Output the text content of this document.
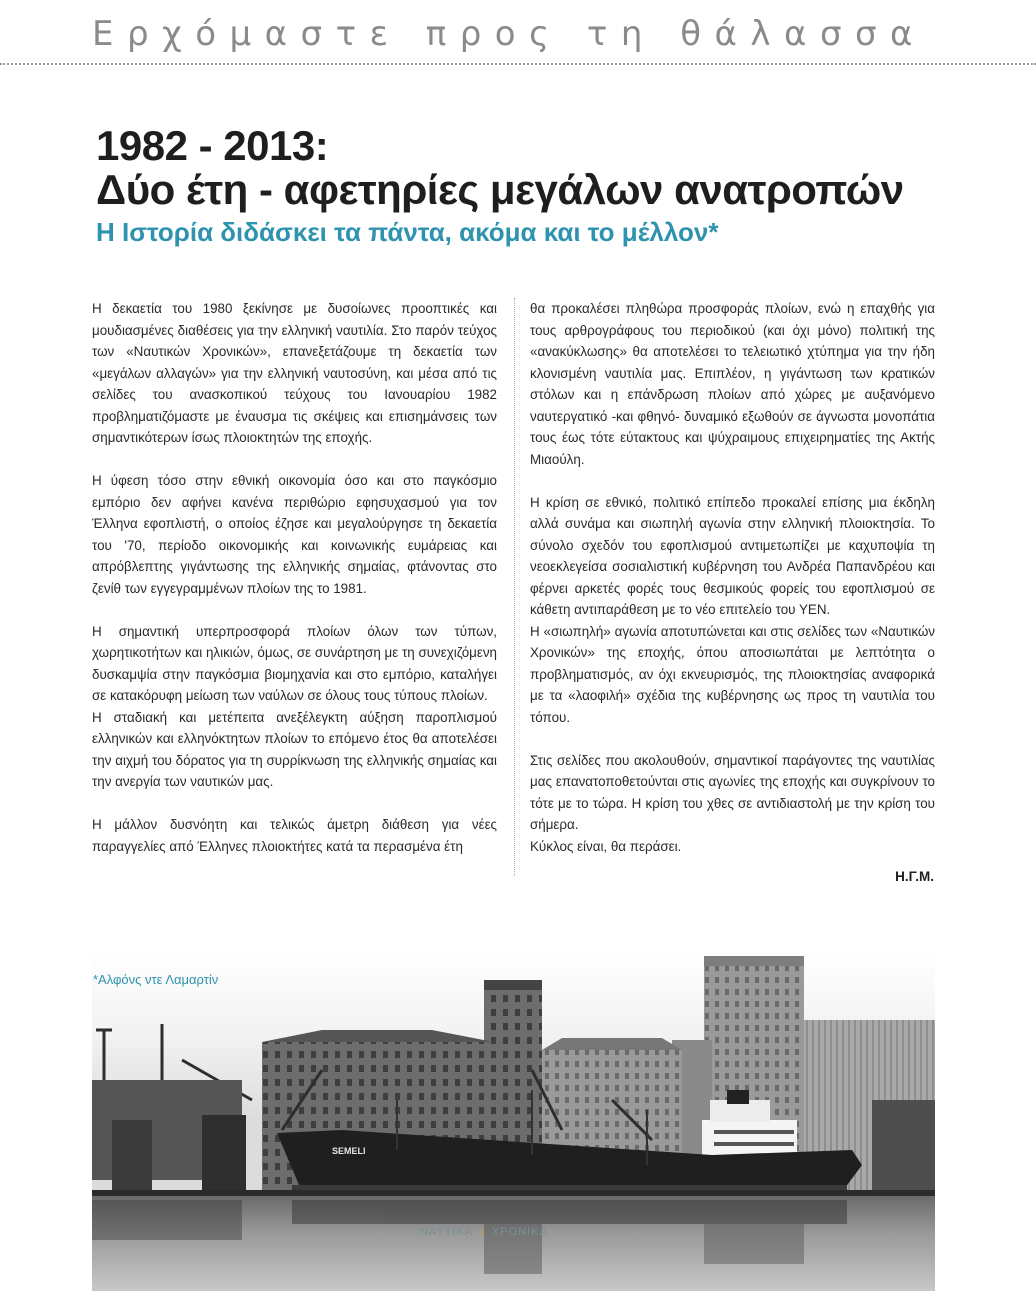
Ερχόμαστε προς τη θάλασσα
1982 - 2013:
Δύο έτη - αφετηρίες μεγάλων ανατροπών
Η Ιστορία διδάσκει τα πάντα, ακόμα και το μέλλον*

Η δεκαετία του 1980 ξεκίνησε με δυσοίωνες προοπτικές και μουδιασμένες διαθέσεις για την ελληνική ναυτιλία. Στο παρόν τεύχος των «Ναυτικών Χρονικών», επανεξετάζουμε τη δεκαετία των «μεγάλων αλλαγών» για την ελληνική ναυτοσύνη, και μέσα από τις σελίδες του ανασκοπικού τεύχους του Ιανουαρίου 1982 προβληματιζόμαστε με έναυσμα τις σκέψεις και επισημάνσεις των σημαντικότερων ίσως πλοιοκτητών της εποχής.

Η ύφεση τόσο στην εθνική οικονομία όσο και στο παγκόσμιο εμπόριο δεν αφήνει κανένα περιθώριο εφησυχασμού για τον Έλληνα εφοπλιστή, ο οποίος έζησε και μεγαλούργησε τη δεκαετία του '70, περίοδο οικονομικής και κοινωνικής ευμάρειας και απρόβλεπτης γιγάντωσης της ελληνικής σημαίας, φτάνοντας στο ζενίθ των εγγεγραμμένων πλοίων της το 1981.

Η σημαντική υπερπροσφορά πλοίων όλων των τύπων, χωρητικοτήτων και ηλικιών, όμως, σε συνάρτηση με τη συνεχιζόμενη δυσκαμψία στην παγκόσμια βιομηχανία και στο εμπόριο, καταλήγει σε κατακόρυφη μείωση των ναύλων σε όλους τους τύπους πλοίων.

Η σταδιακή και μετέπειτα ανεξέλεγκτη αύξηση παροπλισμού ελληνικών και ελληνόκτητων πλοίων το επόμενο έτος θα αποτελέσει την αιχμή του δόρατος για τη συρρίκνωση της ελληνικής σημαίας και την ανεργία των ναυτικών μας.

Η μάλλον δυσνόητη και τελικώς άμετρη διάθεση για νέες παραγγελίες από Έλληνες πλοιοκτήτες κατά τα περασμένα έτη

θα προκαλέσει πληθώρα προσφοράς πλοίων, ενώ η επαχθής για τους αρθρογράφους του περιοδικού (και όχι μόνο) πολιτική της «ανακύκλωσης» θα αποτελέσει το τελειωτικό χτύπημα για την ήδη κλονισμένη ναυτιλία μας. Επιπλέον, η γιγάντωση των κρατικών στόλων και η επάνδρωση πλοίων από χώρες με αυξανόμενο ναυτεργατικό -και φθηνό- δυναμικό εξωθούν σε άγνωστα μονοπάτια τους έως τότε εύτακτους και ψύχραιμους επιχειρηματίες της Ακτής Μιαούλη.

Η κρίση σε εθνικό, πολιτικό επίπεδο προκαλεί επίσης μια έκδηλη αλλά συνάμα και σιωπηλή αγωνία στην ελληνική πλοιοκτησία. Το σύνολο σχεδόν του εφοπλισμού αντιμετωπίζει με καχυποψία τη νεοεκλεγείσα σοσιαλιστική κυβέρνηση του Ανδρέα Παπανδρέου και φέρνει αρκετές φορές τους θεσμικούς φορείς του εφοπλισμού σε κάθετη αντιπαράθεση με το νέο επιτελείο του ΥΕΝ.

Η «σιωπηλή» αγωνία αποτυπώνεται και στις σελίδες των «Ναυτικών Χρονικών» της εποχής, όπου αποσιωπάται με λεπτότητα ο προβληματισμός, αν όχι εκνευρισμός, της πλοιοκτησίας αναφορικά με τα «λαοφιλή» σχέδια της κυβέρνησης ως προς τη ναυτιλία του τόπου.

Στις σελίδες που ακολουθούν, σημαντικοί παράγοντες της ναυτιλίας μας επανατοποθετούνται στις αγωνίες της εποχής και συγκρίνουν το τότε με το τώρα. Η κρίση του χθες σε αντιδιαστολή με την κρίση του σήμερα.

Κύκλος είναι, θα περάσει.

Η.Γ.Μ.
SEMELI
*Αλφόνς ντε Λαμαρτίν
ΝΑΥΤΙΚΑ 2 ΧΡΟΝΙΚΑ
